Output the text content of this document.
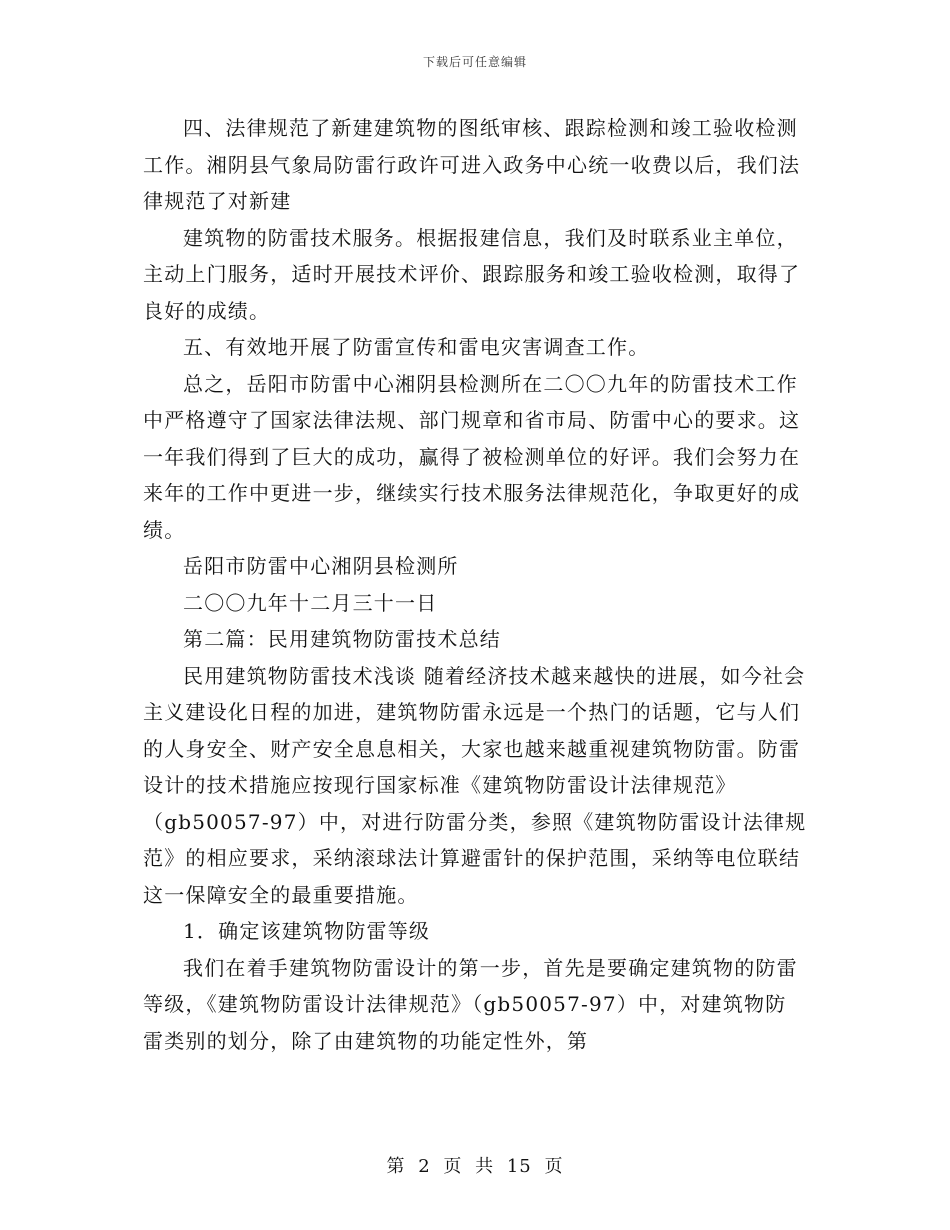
下载后可任意编辑

四、法律规范了新建建筑物的图纸审核、跟踪检测和竣工验收检测工作。湘阴县气象局防雷行政许可进入政务中心统一收费以后，我们法律规范了对新建

建筑物的防雷技术服务。根据报建信息，我们及时联系业主单位，主动上门服务，适时开展技术评价、跟踪服务和竣工验收检测，取得了良好的成绩。

五、有效地开展了防雷宣传和雷电灾害调查工作。

总之，岳阳市防雷中心湘阴县检测所在二〇〇九年的防雷技术工作中严格遵守了国家法律法规、部门规章和省市局、防雷中心的要求。这一年我们得到了巨大的成功，赢得了被检测单位的好评。我们会努力在来年的工作中更进一步，继续实行技术服务法律规范化，争取更好的成绩。

岳阳市防雷中心湘阴县检测所

二〇〇九年十二月三十一日

第二篇：民用建筑物防雷技术总结

民用建筑物防雷技术浅谈 随着经济技术越来越快的进展，如今社会主义建设化日程的加进，建筑物防雷永远是一个热门的话题，它与人们的人身安全、财产安全息息相关，大家也越来越重视建筑物防雷。防雷设计的技术措施应按现行国家标准《建筑物防雷设计法律规范》（gb50057-97）中，对进行防雷分类，参照《建筑物防雷设计法律规范》的相应要求，采纳滚球法计算避雷针的保护范围，采纳等电位联结这一保障安全的最重要措施。

1．确定该建筑物防雷等级

我们在着手建筑物防雷设计的第一步，首先是要确定建筑物的防雷等级，《建筑物防雷设计法律规范》（gb50057-97）中，对建筑物防雷类别的划分，除了由建筑物的功能定性外，第

第 2 页 共 15 页
